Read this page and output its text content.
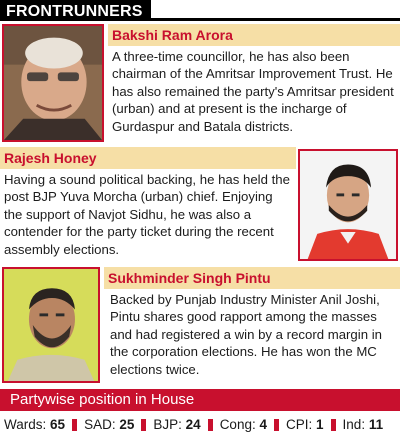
FRONTRUNNERS
Bakshi Ram Arora
A three-time councillor, he has also been chairman of the Amritsar Improvement Trust. He has also remained the party's Amritsar president (urban) and at present is the incharge of Gurdaspur and Batala districts.
Rajesh Honey
Having a sound political backing, he has held the post BJP Yuva Morcha (urban) chief. Enjoying the support of Navjot Sidhu, he was also a contender for the party ticket during the recent assembly elections.
Sukhminder Singh Pintu
Backed by Punjab Industry Minister Anil Joshi, Pintu shares good rapport among the masses and had registered a win by a record margin in the corporation elections. He has won the MC elections twice.
Partywise position in House
Wards: 65 SAD: 25 BJP: 24 Cong: 4 CPI: 1 Ind: 11
